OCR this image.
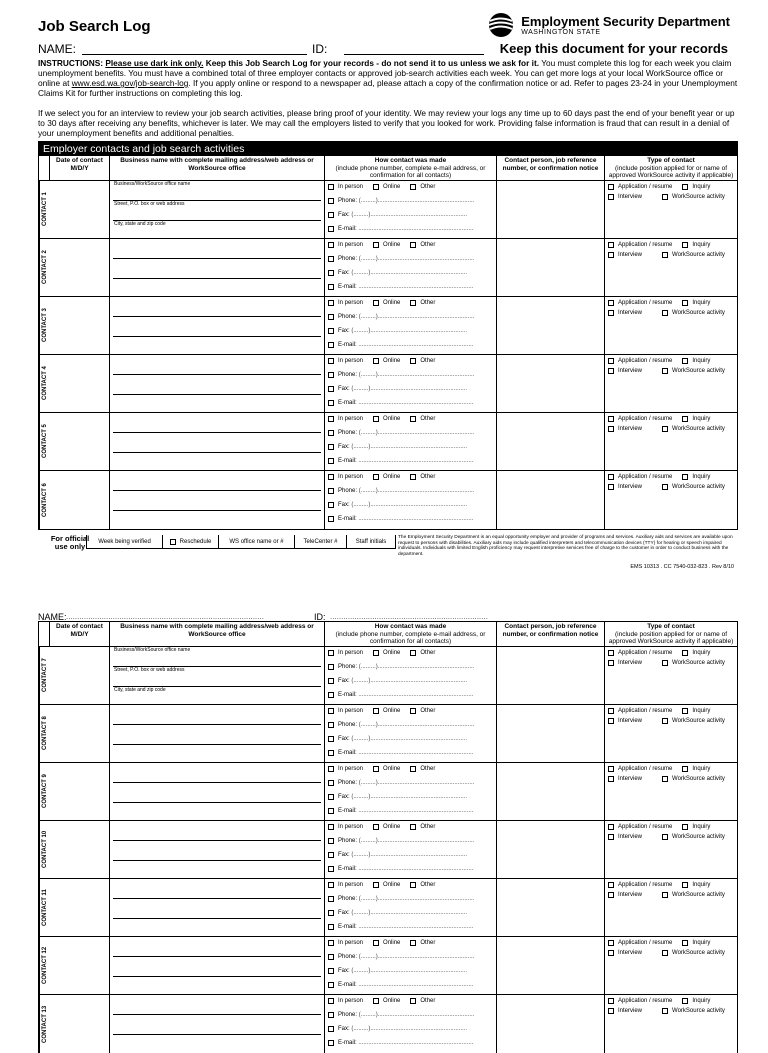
Job Search Log	Employment Security Department
WASHINGTON STATE
NAME:	ID:	Keep this document for your records

INSTRUCTIONS: Please use dark ink only. Keep this Job Search Log for your records - do not send it to us unless we ask for it. You must complete this log for each week you claim unemployment benefits. You must have a combined total of three employer contacts or approved job-search activities each week. You can get more logs at your local WorkSource office or online at www.esd.wa.gov/job-search-log. If you apply online or respond to a newspaper ad, please attach a copy of the confirmation notice or ad. Refer to pages 23-24 in your Unemployment Claims Kit for further instructions on completing this log.

If we select you for an interview to review your job search activities, please bring proof of your identity. We may review your logs any time up to 60 days past the end of your benefit year or up to 30 days after receiving any benefits, whichever is later. We may call the employers listed to verify that you looked for work. Providing false information is fraud that can result in a denial of your unemployment benefits and additional penalties.

Employer contacts and job search activities
Date of contact M/D/Y
Business name with complete mailing address/web address or WorkSource office
How contact was made
(include phone number, complete e-mail address, or confirmation for all contacts)
Contact person, job reference number, or confirmation notice
Type of contact
(include position applied for or name of approved WorkSource activity if applicable)
CONTACT 1
Business/WorkSource office name
Street, P.O. box or web address
City, state and zip code
In person	Online	Other
Phone:
(.........)..........................................................
Fax:
(.........)..........................................................
E-mail:
.....................................................................
Application / resume	Inquiry
Interview	WorkSource activity
CONTACT 2
In person	Online	Other
Phone:
(.........)..........................................................
Fax:
(.........)..........................................................
E-mail:
.....................................................................
Application / resume	Inquiry
Interview	WorkSource activity
CONTACT 3
In person	Online	Other
Phone:
(.........)..........................................................
Fax:
(.........)..........................................................
E-mail:
.....................................................................
Application / resume	Inquiry
Interview	WorkSource activity
CONTACT 4
In person	Online	Other
Phone:
(.........)..........................................................
Fax:
(.........)..........................................................
E-mail:
.....................................................................
Application / resume	Inquiry
Interview	WorkSource activity
CONTACT 5
In person	Online	Other
Phone:
(.........)..........................................................
Fax:
(.........)..........................................................
E-mail:
.....................................................................
Application / resume	Inquiry
Interview	WorkSource activity
CONTACT 6
In person	Online	Other
Phone:
(.........)..........................................................
Fax:
(.........)..........................................................
E-mail:
.....................................................................
Application / resume	Inquiry
Interview	WorkSource activity
For official use only
Week being verified	Reschedule	WS office name or #	TeleCenter #	Staff initials
The Employment Security Department is an equal opportunity employer and provider of programs and services. Auxiliary aids and services are available upon request to persons with disabilities. Auxiliary aids may include qualified interpreters and telecommunication devices (TTY) for hearing or speech impaired individuals. Individuals with limited English proficiency may request interpretive services free of charge to the customer in order to conduct business with the department.
EMS 10313 . CC 7540-032-823 . Rev 8/10
NAME: .........................................................................................	ID: .......................................................................
Date of contact M/D/Y
Business name with complete mailing address/web address or WorkSource office
How contact was made
(include phone number, complete e-mail address, or confirmation for all contacts)
Contact person, job reference number, or confirmation notice
Type of contact
(include position applied for or name of approved WorkSource activity if applicable)
CONTACT 7
Business/WorkSource office name
Street, P.O. box or web address
City, state and zip code
In person	Online	Other
Phone:
(.........)..........................................................
Fax:
(.........)..........................................................
E-mail:
.....................................................................
Application / resume	Inquiry
Interview	WorkSource activity
CONTACT 8
In person	Online	Other
Phone:
(.........)..........................................................
Fax:
(.........)..........................................................
E-mail:
.....................................................................
Application / resume	Inquiry
Interview	WorkSource activity
CONTACT 9
In person	Online	Other
Phone:
(.........)..........................................................
Fax:
(.........)..........................................................
E-mail:
.....................................................................
Application / resume	Inquiry
Interview	WorkSource activity
CONTACT 10
In person	Online	Other
Phone:
(.........)..........................................................
Fax:
(.........)..........................................................
E-mail:
.....................................................................
Application / resume	Inquiry
Interview	WorkSource activity
CONTACT 11
In person	Online	Other
Phone:
(.........)..........................................................
Fax:
(.........)..........................................................
E-mail:
.....................................................................
Application / resume	Inquiry
Interview	WorkSource activity
CONTACT 12
In person	Online	Other
Phone:
(.........)..........................................................
Fax:
(.........)..........................................................
E-mail:
.....................................................................
Application / resume	Inquiry
Interview	WorkSource activity
CONTACT 13
In person	Online	Other
Phone:
(.........)..........................................................
Fax:
(.........)..........................................................
E-mail:
.....................................................................
Application / resume	Inquiry
Interview	WorkSource activity
